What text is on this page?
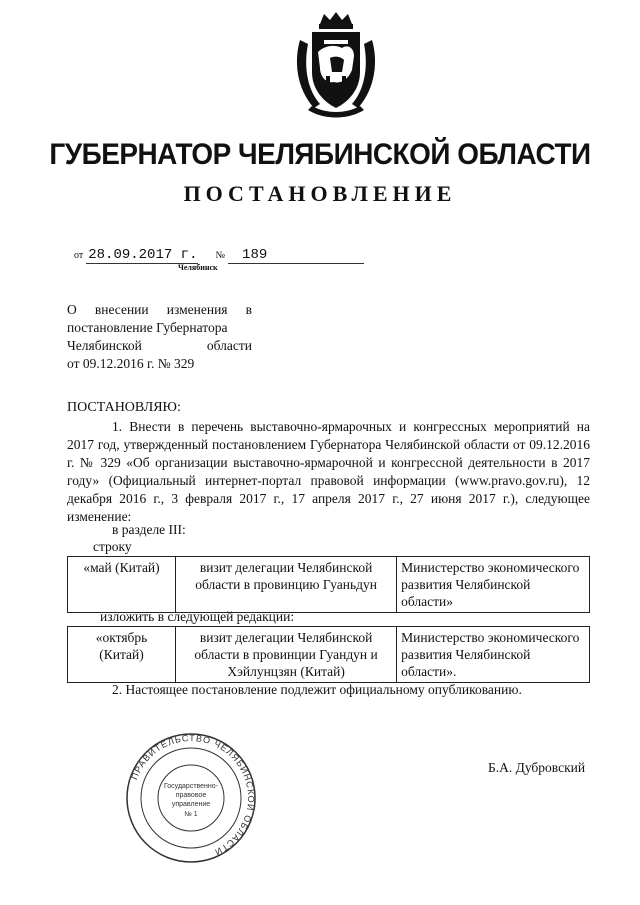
ГУБЕРНАТОР ЧЕЛЯБИНСКОЙ ОБЛАСТИ
ПОСТАНОВЛЕНИЕ
от 28.09.2017 г. № 189
Челябинск
О внесении изменения в
постановление Губернатора
Челябинской области
от 09.12.2016 г. № 329
ПОСТАНОВЛЯЮ:
1. Внести в перечень выставочно-ярмарочных и конгрессных мероприятий на 2017 год, утвержденный постановлением Губернатора Челябинской области от 09.12.2016 г. № 329 «Об организации выставочно-ярмарочной и конгрессной деятельности в 2017 году» (Официальный интернет-портал правовой информации (www.pravo.gov.ru), 12 декабря 2016 г., 3 февраля 2017 г., 17 апреля 2017 г., 27 июня 2017 г.), следующее изменение:
в разделе III:
строку
«май (Китай)	визит делегации Челябинской области в провинцию Гуаньдун	Министерство экономического развития Челябинской области»
изложить в следующей редакции:
«октябрь (Китай)	визит делегации Челябинской области в провинции Гуандун и Хэйлунцзян (Китай)	Министерство экономического развития Челябинской области».
2. Настоящее постановление подлежит официальному опубликованию.
ПРАВИТЕЛЬСТВО ЧЕЛЯБИНСКОЙ ОБЛАСТИ
Государственно-
правовое
управление
№ 1
Б.А. Дубровский
